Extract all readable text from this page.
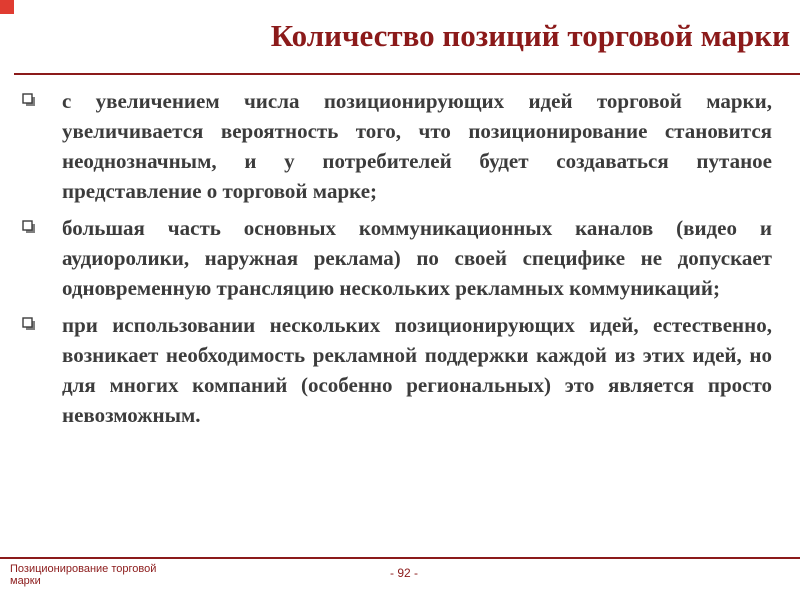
Количество позиций торговой марки
с увеличением числа позиционирующих идей торговой марки, увеличивается вероятность того, что позиционирование становится неоднозначным, и у потребителей будет создаваться путаное представление о торговой марке;
большая часть основных коммуникационных каналов (видео и аудиоролики, наружная реклама) по своей специфике не допускает одновременную трансляцию нескольких рекламных коммуникаций;
при использовании нескольких позиционирующих идей, естественно, возникает необходимость рекламной поддержки каждой из этих идей, но для многих компаний (особенно региональных) это является просто невозможным.
Позиционирование торговой марки
- 92 -
